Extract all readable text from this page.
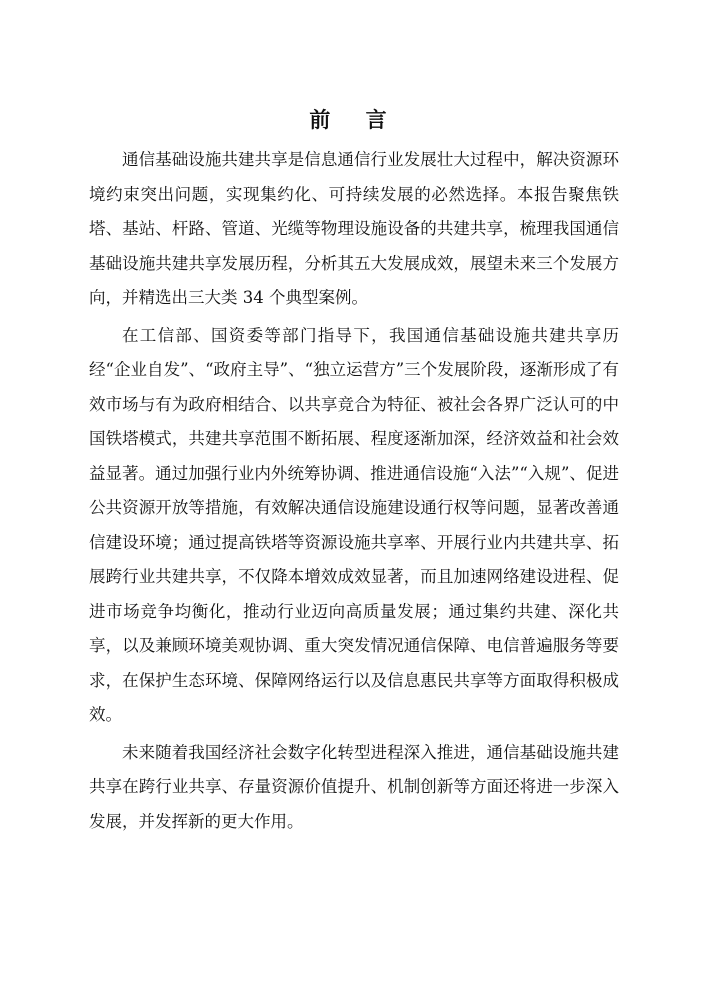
前 言

通信基础设施共建共享是信息通信行业发展壮大过程中，解决资源环境约束突出问题，实现集约化、可持续发展的必然选择。本报告聚焦铁塔、基站、杆路、管道、光缆等物理设施设备的共建共享，梳理我国通信基础设施共建共享发展历程，分析其五大发展成效，展望未来三个发展方向，并精选出三大类 34 个典型案例。

在工信部、国资委等部门指导下，我国通信基础设施共建共享历经“企业自发”、“政府主导”、“独立运营方”三个发展阶段，逐渐形成了有效市场与有为政府相结合、以共享竞合为特征、被社会各界广泛认可的中国铁塔模式，共建共享范围不断拓展、程度逐渐加深，经济效益和社会效益显著。通过加强行业内外统筹协调、推进通信设施“入法”“入规”、促进公共资源开放等措施，有效解决通信设施建设通行权等问题，显著改善通信建设环境；通过提高铁塔等资源设施共享率、开展行业内共建共享、拓展跨行业共建共享，不仅降本增效成效显著，而且加速网络建设进程、促进市场竞争均衡化，推动行业迈向高质量发展；通过集约共建、深化共享，以及兼顾环境美观协调、重大突发情况通信保障、电信普遍服务等要求，在保护生态环境、保障网络运行以及信息惠民共享等方面取得积极成效。

未来随着我国经济社会数字化转型进程深入推进，通信基础设施共建共享在跨行业共享、存量资源价值提升、机制创新等方面还将进一步深入发展，并发挥新的更大作用。
